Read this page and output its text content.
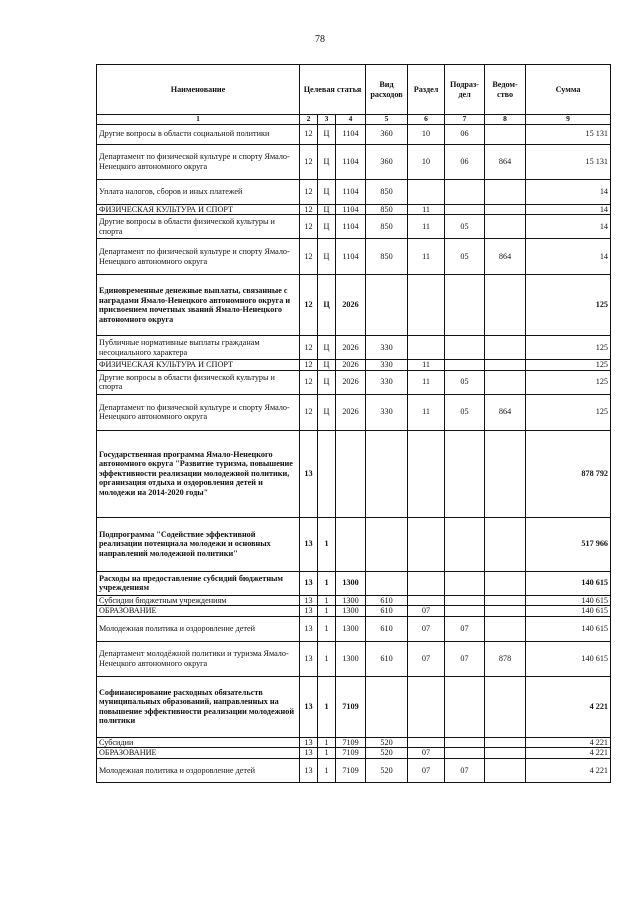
78
Наименование	Целевая статья			Вид расходов	Раздел	Подраз-дел	Ведом-ство	Сумма
1	2	3	4	5	6	7	8	9
Другие вопросы в области социальной политики	12	Ц	1104	360	10	06		15 131
Департамент по физической культуре и спорту Ямало-Ненецкого автономного округа	12	Ц	1104	360	10	06	864	15 131
Уплата налогов, сборов и иных платежей	12	Ц	1104	850				14
ФИЗИЧЕСКАЯ КУЛЬТУРА И СПОРТ	12	Ц	1104	850	11			14
Другие вопросы в области физической культуры и спорта	12	Ц	1104	850	11	05		14
Департамент по физической культуре и спорту Ямало-Ненецкого автономного округа	12	Ц	1104	850	11	05	864	14
Единовременные денежные выплаты, связанные с наградами Ямало-Ненецкого автономного округа и присвоением почетных званий Ямало-Ненецкого автономного округа	12	Ц	2026					125
Публичные нормативные выплаты гражданам несоциального характера	12	Ц	2026	330				125
ФИЗИЧЕСКАЯ КУЛЬТУРА И СПОРТ	12	Ц	2026	330	11			125
Другие вопросы в области физической культуры и спорта	12	Ц	2026	330	11	05		125
Департамент по физической культуре и спорту Ямало-Ненецкого автономного округа	12	Ц	2026	330	11	05	864	125
Государственная программа Ямало-Ненецкого автономного округа "Развитие туризма, повышение эффективности реализации молодежной политики, организация отдыха и оздоровления детей и молодежи на 2014-2020 годы"	13							878 792
Подпрограмма "Содействие эффективной реализации потенциала молодежи и основных направлений молодежной политики"	13	1						517 966
Расходы на предоставление субсидий бюджетным учреждениям	13	1	1300					140 615
Субсидии бюджетным учреждениям	13	1	1300	610				140 615
ОБРАЗОВАНИЕ	13	1	1300	610	07			140 615
Молодежная политика и оздоровление детей	13	1	1300	610	07	07		140 615
Департамент молодёжной политики и туризма Ямало-Ненецкого автономного округа	13	1	1300	610	07	07	878	140 615
Софинансирование расходных обязательств муниципальных образований, направленных на повышение эффективности реализации молодежной политики	13	1	7109					4 221
Субсидии	13	1	7109	520				4 221
ОБРАЗОВАНИЕ	13	1	7109	520	07			4 221
Молодежная политика и оздоровление детей	13	1	7109	520	07	07		4 221
